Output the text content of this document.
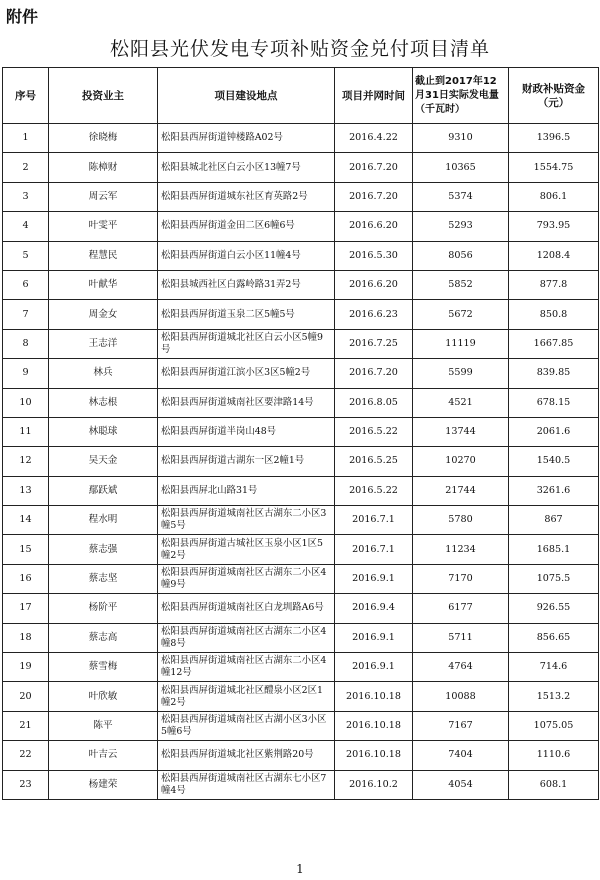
附件
松阳县光伏发电专项补贴资金兑付项目清单
序号	投资业主	项目建设地点	项目并网时间	截止到2017年12月31日实际发电量（千瓦时）	财政补贴资金（元）
1	徐晓梅	松阳县西屏街道钟楼路A02号	2016.4.22	9310	1396.5
2	陈樟财	松阳县城北社区白云小区13幢7号	2016.7.20	10365	1554.75
3	周云军	松阳县西屏街道城东社区育英路2号	2016.7.20	5374	806.1
4	叶雯平	松阳县西屏街道金田二区6幢6号	2016.6.20	5293	793.95
5	程慧民	松阳县西屏街道白云小区11幢4号	2016.5.30	8056	1208.4
6	叶献华	松阳县城西社区白露岭路31弄2号	2016.6.20	5852	877.8
7	周金女	松阳县西屏街道玉泉二区5幢5号	2016.6.23	5672	850.8
8	王志洋	松阳县西屏街道城北社区白云小区5幢9号	2016.7.25	11119	1667.85
9	林兵	松阳县西屏街道江滨小区3区5幢2号	2016.7.20	5599	839.85
10	林志根	松阳县西屏街道城南社区要津路14号	2016.8.05	4521	678.15
11	林聪球	松阳县西屏街道半岗山48号	2016.5.22	13744	2061.6
12	吴天金	松阳县西屏街道古湖东一区2幢1号	2016.5.25	10270	1540.5
13	鄢跃斌	松阳县西屏北山路31号	2016.5.22	21744	3261.6
14	程水明	松阳县西屏街道城南社区古湖东二小区3幢5号	2016.7.1	5780	867
15	蔡志强	松阳县西屏街道古城社区玉泉小区1区5幢2号	2016.7.1	11234	1685.1
16	蔡志坚	松阳县西屏街道城南社区古湖东二小区4幢9号	2016.9.1	7170	1075.5
17	杨阶平	松阳县西屏街道城南社区白龙圳路A6号	2016.9.4	6177	926.55
18	蔡志高	松阳县西屏街道城南社区古湖东二小区4幢8号	2016.9.1	5711	856.65
19	蔡雪梅	松阳县西屏街道城南社区古湖东二小区4幢12号	2016.9.1	4764	714.6
20	叶欣敏	松阳县西屏街道城北社区醴泉小区2区1幢2号	2016.10.18	10088	1513.2
21	陈平	松阳县西屏街道城南社区古湖小区3小区5幢6号	2016.10.18	7167	1075.05
22	叶吉云	松阳县西屏街道城北社区紫荆路20号	2016.10.18	7404	1110.6
23	杨建荣	松阳县西屏街道城南社区古湖东七小区7幢4号	2016.10.2	4054	608.1
1
